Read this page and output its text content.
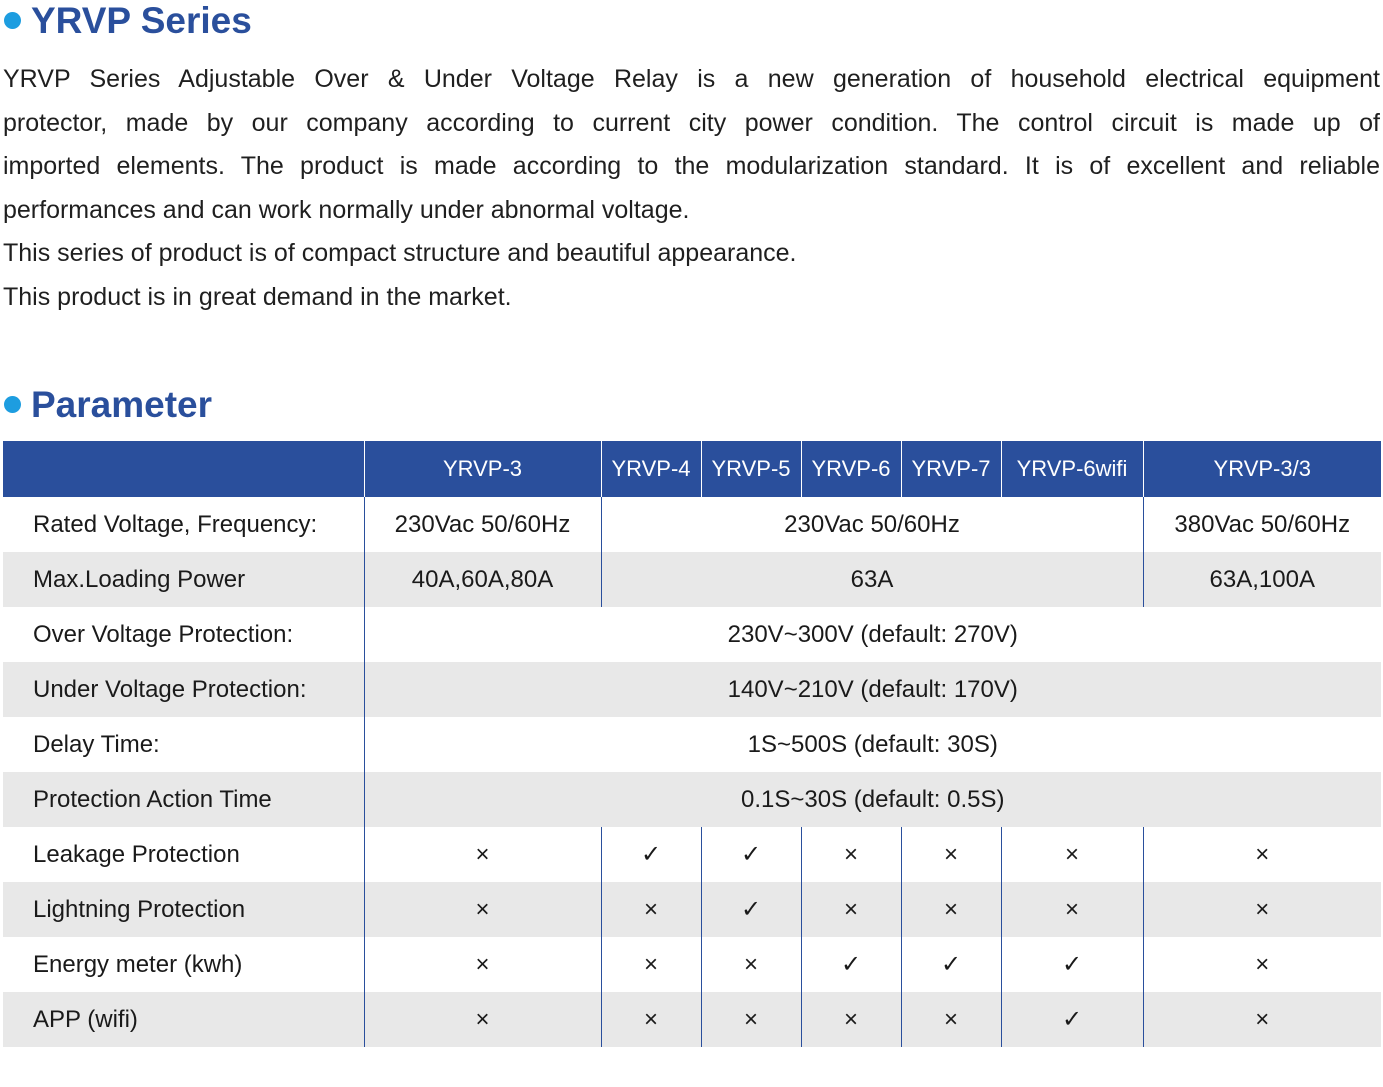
YRVP Series

YRVP Series Adjustable Over & Under Voltage Relay is a new generation of household electrical equipment

protector, made by our company according to current city power condition. The control circuit is made up of

imported elements. The product is made according to the modularization standard. It is of excellent and reliable

performances and can work normally under abnormal voltage.

This series of product is of compact structure and beautiful appearance.

This product is in great demand in the market.

Parameter
	YRVP-3	YRVP-4	YRVP-5	YRVP-6	YRVP-7	YRVP-6wifi	YRVP-3/3
Rated Voltage, Frequency:	230Vac 50/60Hz	230Vac 50/60Hz					380Vac 50/60Hz
Max.Loading Power	40A,60A,80A	63A					63A,100A
Over Voltage Protection:	230V~300V (default: 270V)						
Under Voltage Protection:	140V~210V (default: 170V)						
Delay Time:	1S~500S (default: 30S)						
Protection Action Time	0.1S~30S (default: 0.5S)						
Leakage Protection	×	✓	✓	×	×	×	×
Lightning Protection	×	×	✓	×	×	×	×
Energy meter (kwh)	×	×	×	✓	✓	✓	×
APP (wifi)	×	×	×	×	×	✓	×
